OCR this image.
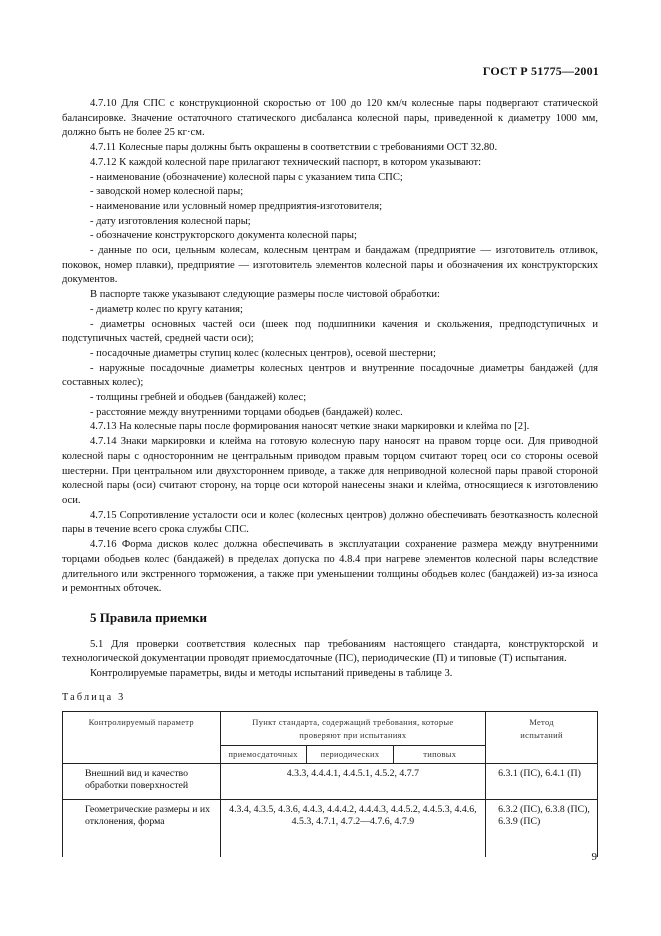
ГОСТ Р 51775—2001

4.7.10 Для СПС с конструкционной скоростью от 100 до 120 км/ч колесные пары подвергают статической балансировке. Значение остаточного статического дисбаланса колесной пары, приведенной к диаметру 1000 мм, должно быть не более 25 кг·см.

4.7.11 Колесные пары должны быть окрашены в соответствии с требованиями ОСТ 32.80.

4.7.12 К каждой колесной паре прилагают технический паспорт, в котором указывают:

- наименование (обозначение) колесной пары с указанием типа СПС;

- заводской номер колесной пары;

- наименование или условный номер предприятия-изготовителя;

- дату изготовления колесной пары;

- обозначение конструкторского документа колесной пары;

- данные по оси, цельным колесам, колесным центрам и бандажам (предприятие — изготовитель отливок, поковок, номер плавки), предприятие — изготовитель элементов колесной пары и обозначения их конструкторских документов.

В паспорте также указывают следующие размеры после чистовой обработки:

- диаметр колес по кругу катания;

- диаметры основных частей оси (шеек под подшипники качения и скольжения, предподступичных и подступичных частей, средней части оси);

- посадочные диаметры ступиц колес (колесных центров), осевой шестерни;

- наружные посадочные диаметры колесных центров и внутренние посадочные диаметры бандажей (для составных колес);

- толщины гребней и ободьев (бандажей) колес;

- расстояние между внутренними торцами ободьев (бандажей) колес.

4.7.13 На колесные пары после формирования наносят четкие знаки маркировки и клейма по [2].

4.7.14 Знаки маркировки и клейма на готовую колесную пару наносят на правом торце оси. Для приводной колесной пары с односторонним не центральным приводом правым торцом считают торец оси со стороны осевой шестерни. При центральном или двухстороннем приводе, а также для неприводной колесной пары правой стороной колесной пары (оси) считают сторону, на торце оси которой нанесены знаки и клейма, относящиеся к изготовлению оси.

4.7.15 Сопротивление усталости оси и колес (колесных центров) должно обеспечивать безотказность колесной пары в течение всего срока службы СПС.

4.7.16 Форма дисков колес должна обеспечивать в эксплуатации сохранение размера между внутренними торцами ободьев колес (бандажей) в пределах допуска по 4.8.4 при нагреве элементов колесной пары вследствие длительного или экстренного торможения, а также при уменьшении толщины ободьев колес (бандажей) из-за износа и ремонтных обточек.

5 Правила приемки

5.1 Для проверки соответствия колесных пар требованиям настоящего стандарта, конструкторской и технологической документации проводят приемосдаточные (ПС), периодические (П) и типовые (Т) испытания.

Контролируемые параметры, виды и методы испытаний приведены в таблице 3.

Таблица 3
Контролируемый параметр	Пункт стандарта, содержащий требования, которые проверяют при испытаниях			Метод испытаний
	приемосдаточных	периодических	типовых	
Внешний вид и качество обработки поверхностей	4.3.3, 4.4.4.1, 4.4.5.1, 4.5.2, 4.7.7			6.3.1 (ПС), 6.4.1 (П)
Геометрические размеры и их отклонения, форма	4.3.4, 4.3.5, 4.3.6, 4.4.3, 4.4.4.2, 4.4.4.3, 4.4.5.2, 4.4.5.3, 4.4.6, 4.5.3, 4.7.1, 4.7.2—4.7.6, 4.7.9			6.3.2 (ПС), 6.3.8 (ПС), 6.3.9 (ПС)
9
